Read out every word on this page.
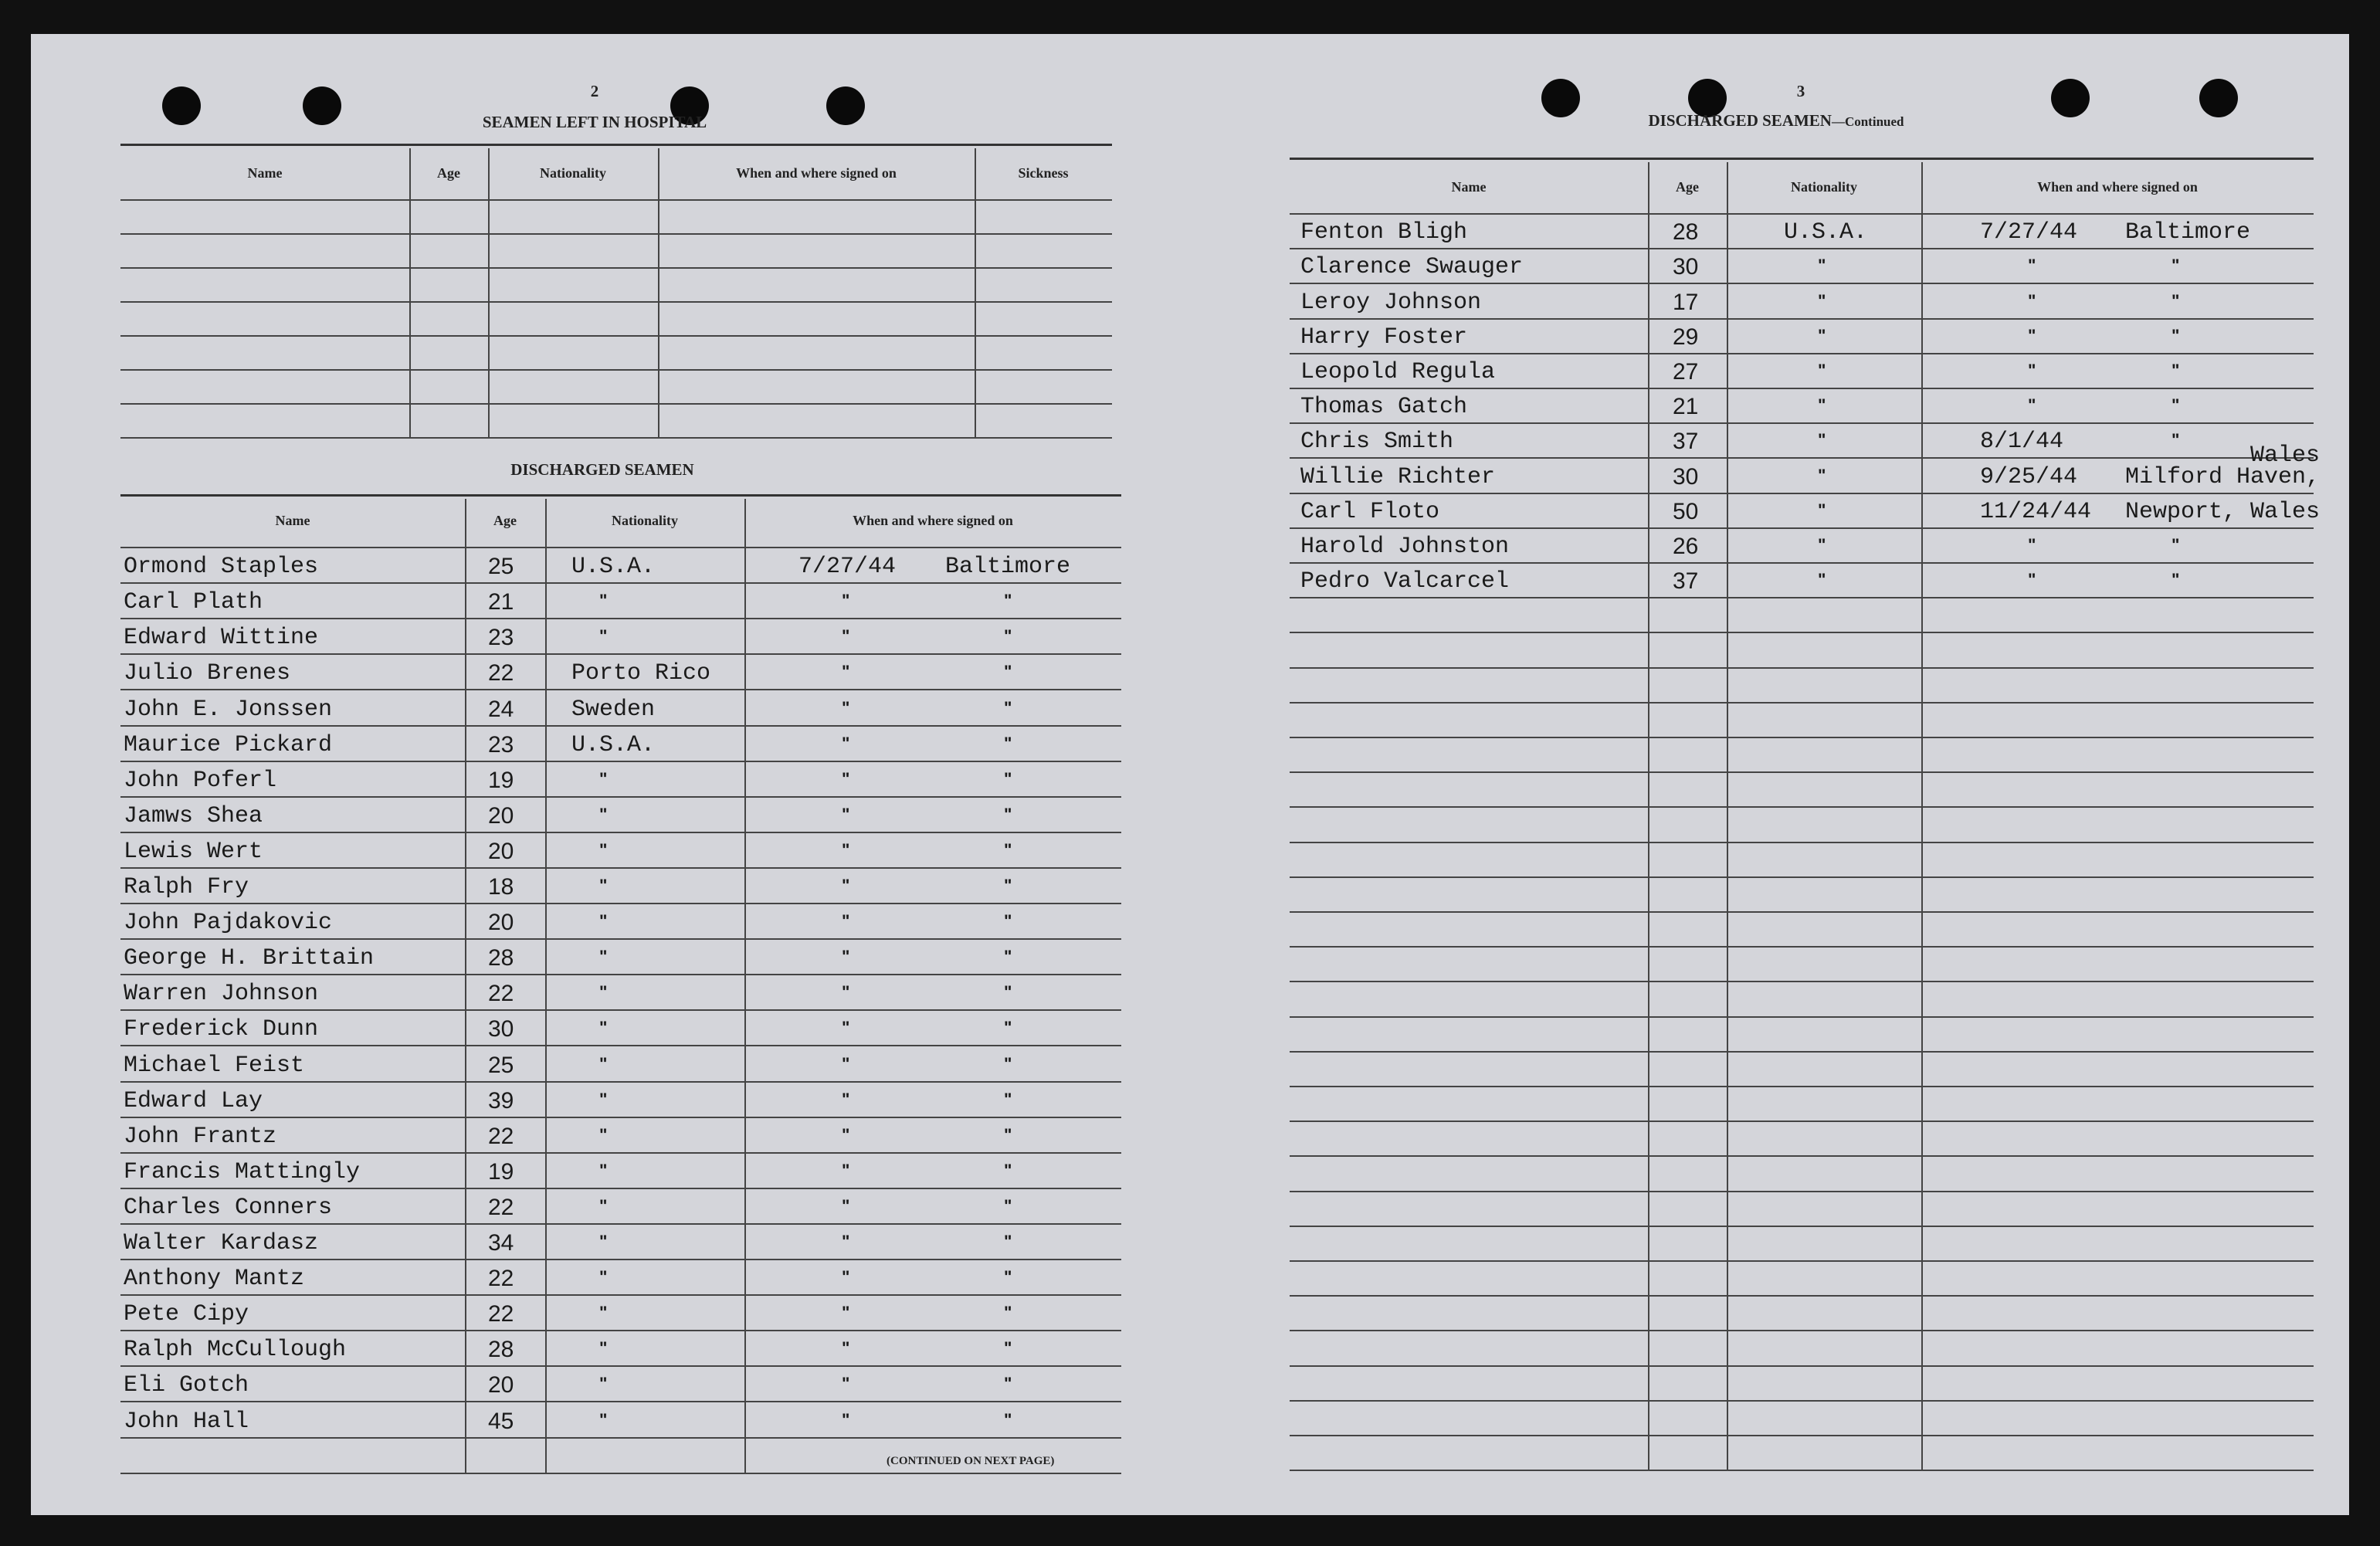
2
SEAMEN LEFT IN HOSPITAL
Name	Age	Nationality	When and where signed on	Sickness
DISCHARGED SEAMEN
Name	Age	Nationality	When and where signed on
Ormond Staples	25 U.S.A.	7/27/44 Baltimore
Carl Plath	21	"	"	"
Edward Wittine	23	"	"	"
Julio Brenes	22 Porto Rico	"	"
John E. Jonssen	24 Sweden	"	"
Maurice Pickard	23 U.S.A.	"	"
John Poferl	19	"	"	"
Jamws Shea	20	"	"	"
Lewis Wert	20	"	"	"
Ralph Fry	18	"	"	"
John Pajdakovic	20	"	"	"
George H. Brittain	28	"	"	"
Warren Johnson	22	"	"	"
Frederick Dunn	30	"	"	"
Michael Feist	25	"	"	"
Edward Lay	39	"	"	"
John Frantz	22	"	"	"
Francis Mattingly	19	"	"	"
Charles Conners	22	"	"	"
Walter Kardasz	34	"	"	"
Anthony Mantz	22	"	"	"
Pete Cipy	22	"	"	"
Ralph McCullough	28	"	"	"
Eli Gotch	20	"	"	"
John Hall	45	"	"	"
(CONTINUED ON NEXT PAGE)
3
DISCHARGED SEAMEN—Continued
Name	Age	Nationality	When and where signed on
Fenton Bligh	28	U.S.A.	7/27/44 Baltimore
Clarence Swauger	30	"	"	"
Leroy Johnson	17	"	"	"
Harry Foster	29	"	"	"
Leopold Regula	27	"	"	"
Thomas Gatch	21	"	"	"
Chris Smith	37	"	8/1/44	"
Willie Richter	30	"	9/25/44 Milford Haven,
Wales
Carl Floto	50	"	11/24/44 Newport, Wales
Harold Johnston	26	"	"	"
Pedro Valcarcel	37	"	"	"
